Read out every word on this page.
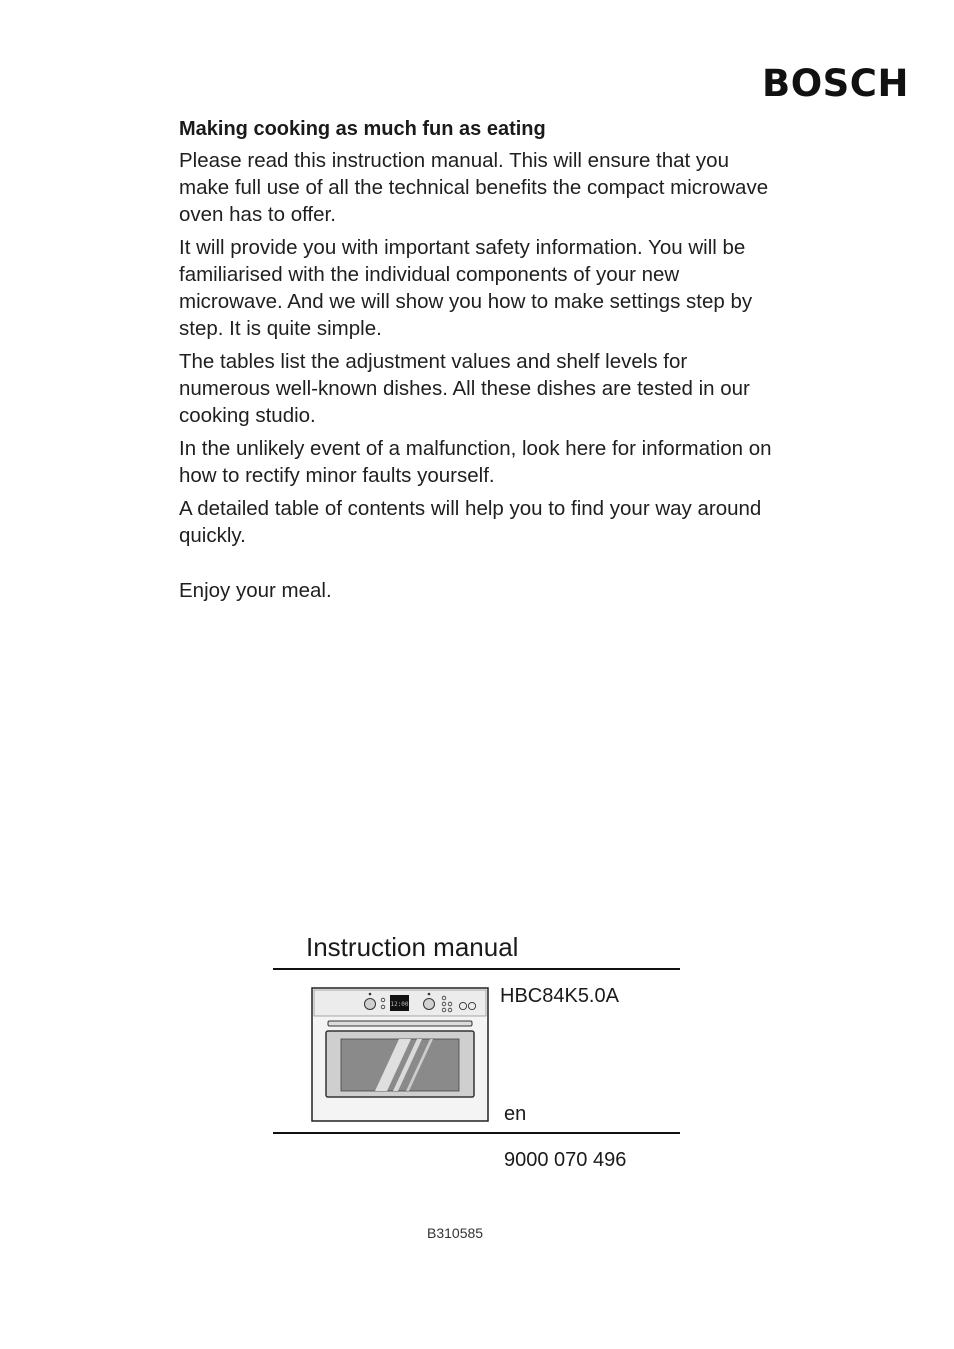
BOSCH
Making cooking as much fun as eating

Please read this instruction manual. This will ensure that you make full use of all the technical benefits the compact microwave oven has to offer.

It will provide you with important safety information. You will be familiarised with the individual components of your new microwave. And we will show you how to make settings step by step. It is quite simple.

The tables list the adjustment values and shelf levels for numerous well-known dishes. All these dishes are tested in our cooking studio.

In the unlikely event of a malfunction, look here for information on how to rectify minor faults yourself.

A detailed table of contents will help you to find your way around quickly.

Enjoy your meal.

Instruction manual
12:00	HBC84K5.0A
en
9000 070 496
B310585
